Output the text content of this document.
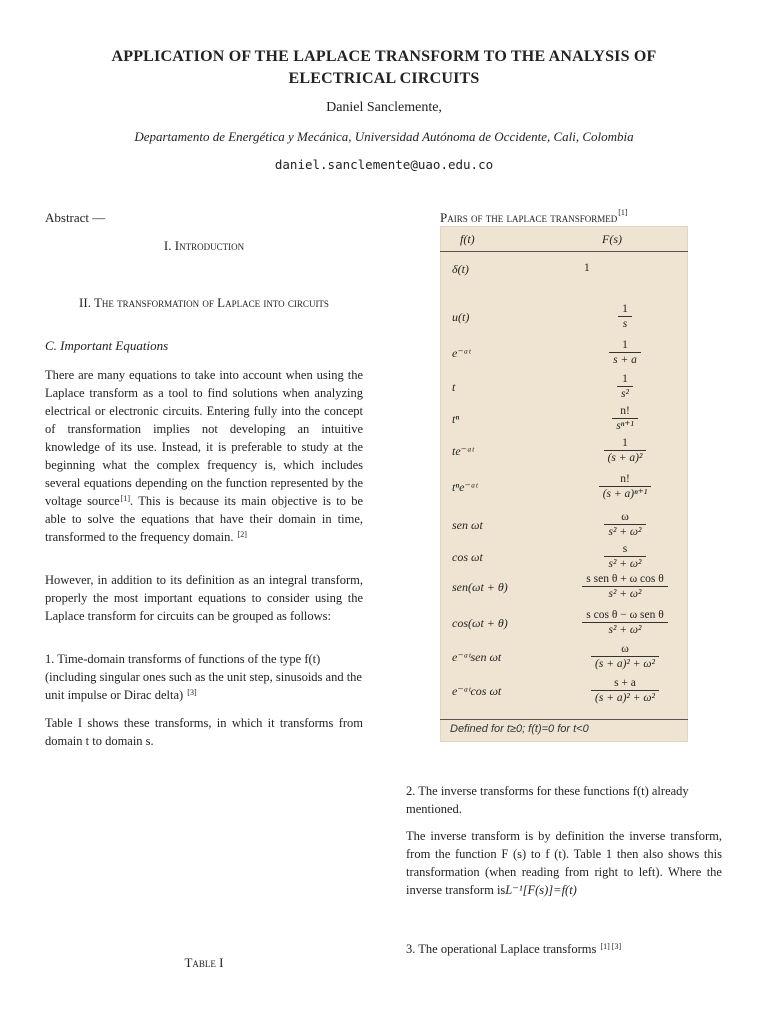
APPLICATION OF THE LAPLACE TRANSFORM TO THE ANALYSIS OF ELECTRICAL CIRCUITS
Daniel Sanclemente,
Departamento de Energética y Mecánica, Universidad Autónoma de Occidente, Cali, Colombia
daniel.sanclemente@uao.edu.co
Abstract —
I. Introduction
II. The transformation of Laplace into circuits
C. Important Equations

There are many equations to take into account when using the Laplace transform as a tool to find solutions when analyzing electrical or electronic circuits. Entering fully into the concept of transformation implies not developing an intuitive knowledge of its use. Instead, it is preferable to study at the beginning what the complex frequency is, which includes several equations depending on the function represented by the voltage source[1]. This is because its main objective is to be able to solve the equations that have their domain in time, transformed to the frequency domain. [2]

However, in addition to its definition as an integral transform, properly the most important equations to consider using the Laplace transform for circuits can be grouped as follows:

1. Time-domain transforms of functions of the type f(t) (including singular ones such as the unit step, sinusoids and the unit impulse or Dirac delta) [3]

Table I shows these transforms, in which it transforms from domain t to domain s.

Table I
Pairs of the laplace transformed[1]
f(t)	F(s)
δ(t)	1
u(t)	$\frac{1}{s}$
e⁻ᵃᵗ	$\frac{1}{s + a}$
t	$\frac{1}{\text{s²}}$
tⁿ	$\frac{n!}{\text{sⁿ⁺¹}}$
te⁻ᵃᵗ	$\frac{1}{\text{(s + a)²}}$
tⁿe⁻ᵃᵗ	$\frac{n!}{\text{(s + a)ⁿ⁺¹}}$
sen ωt	$\frac{\omega}{\text{s² + ω²}}$
cos ωt	$\frac{s}{\text{s² + ω²}}$
sen(ωt + θ)	$\frac{\text{s sen θ + ω cos θ}}{\text{s² + ω²}}$
cos(ωt + θ)	$\frac{\text{s cos θ − ω sen θ}}{\text{s² + ω²}}$
e⁻ᵃᵗsen ωt	$\frac{\omega}{\text{(s + a)² + ω²}}$
e⁻ᵃᵗcos ωt	$\frac{s + a}{\text{(s + a)² + ω²}}$
Defined for t≥0; f(t)=0 for t<0

2. The inverse transforms for these functions f(t) already mentioned.

The inverse transform is by definition the inverse transform, from the function F (s) to f (t). Table 1 then also shows this transformation (when reading from right to left). Where the inverse transform isL⁻¹[F(s)]=f(t)

3. The operational Laplace transforms [1] [3]
